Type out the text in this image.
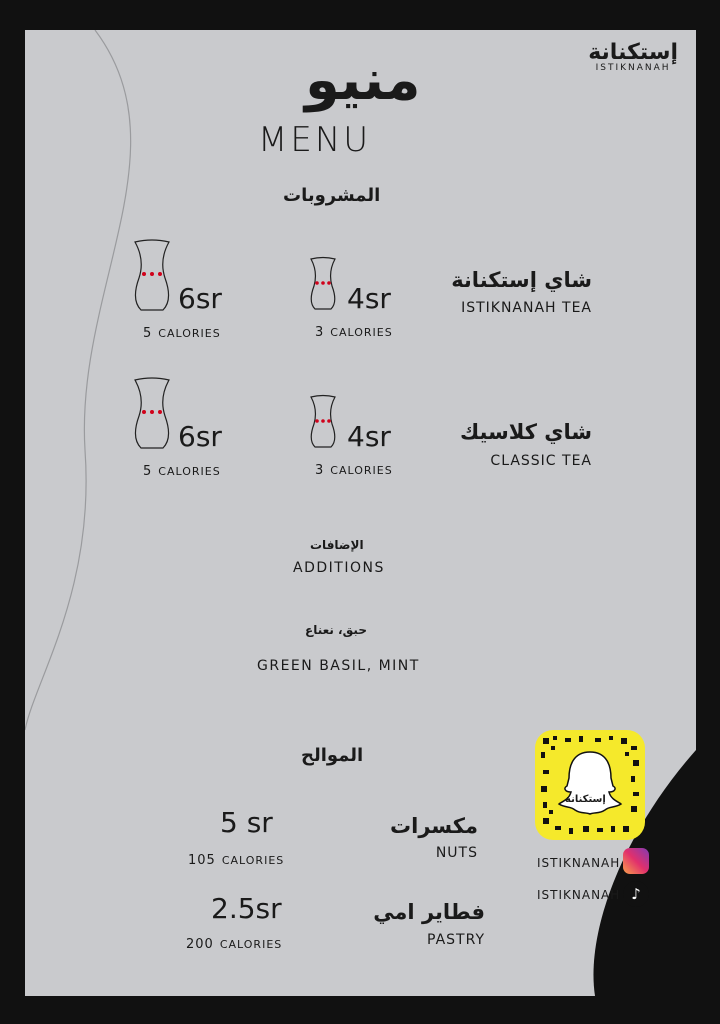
إستكنانة
ISTIKNANAH
منيو
MENU
المشروبات
6sr
5 CALORIES
4sr
3 CALORIES
شاي إستكنانة
ISTIKNANAH TEA
6sr
5 CALORIES
4sr
3 CALORIES
شاي كلاسيك
CLASSIC TEA
الإضافات
ADDITIONS
حبق، نعناع
GREEN BASIL, MINT
الموالح
5 sr
105 CALORIES
مكسرات
NUTS
2.5sr
200 CALORIES
فطاير امي
PASTRY
إستكنانة
ISTIKNANAH
ISTIKNANAH ♪
